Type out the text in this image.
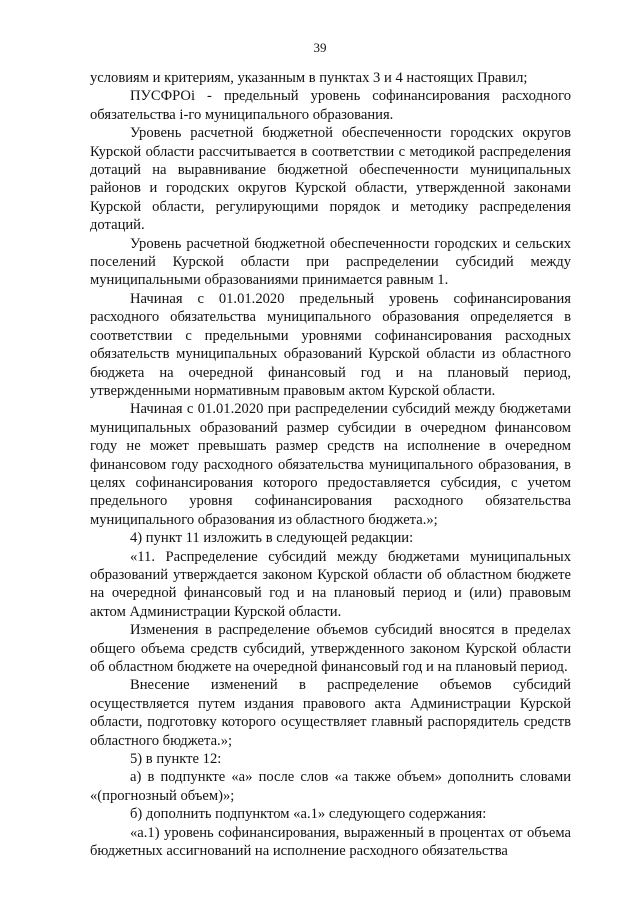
39

условиям и критериям, указанным в пунктах 3 и 4 настоящих Правил;

ПУСФРОi - предельный уровень софинансирования расходного обязательства i-го муниципального образования.

Уровень расчетной бюджетной обеспеченности городских округов Курской области рассчитывается в соответствии с методикой распределения дотаций на выравнивание бюджетной обеспеченности муниципальных районов и городских округов Курской области, утвержденной законами Курской области, регулирующими порядок и методику распределения дотаций.

Уровень расчетной бюджетной обеспеченности городских и сельских поселений Курской области при распределении субсидий между муниципальными образованиями принимается равным 1.

Начиная с 01.01.2020 предельный уровень софинансирования расходного обязательства муниципального образования определяется в соответствии с предельными уровнями софинансирования расходных обязательств муниципальных образований Курской области из областного бюджета на очередной финансовый год и на плановый период, утвержденными нормативным правовым актом Курской области.

Начиная с 01.01.2020 при распределении субсидий между бюджетами муниципальных образований размер субсидии в очередном финансовом году не может превышать размер средств на исполнение в очередном финансовом году расходного обязательства муниципального образования, в целях софинансирования которого предоставляется субсидия, с учетом предельного уровня софинансирования расходного обязательства муниципального образования из областного бюджета.»;

4) пункт 11 изложить в следующей редакции:

«11. Распределение субсидий между бюджетами муниципальных образований утверждается законом Курской области об областном бюджете на очередной финансовый год и на плановый период и (или) правовым актом Администрации Курской области.

Изменения в распределение объемов субсидий вносятся в пределах общего объема средств субсидий, утвержденного законом Курской области об областном бюджете на очередной финансовый год и на плановый период.

Внесение изменений в распределение объемов субсидий осуществляется путем издания правового акта Администрации Курской области, подготовку которого осуществляет главный распорядитель средств областного бюджета.»;

5) в пункте 12:

а) в подпункте «а» после слов «а также объем» дополнить словами «(прогнозный объем)»;

б) дополнить подпунктом «а.1» следующего содержания:

«а.1) уровень софинансирования, выраженный в процентах от объема бюджетных ассигнований на исполнение расходного обязательства
